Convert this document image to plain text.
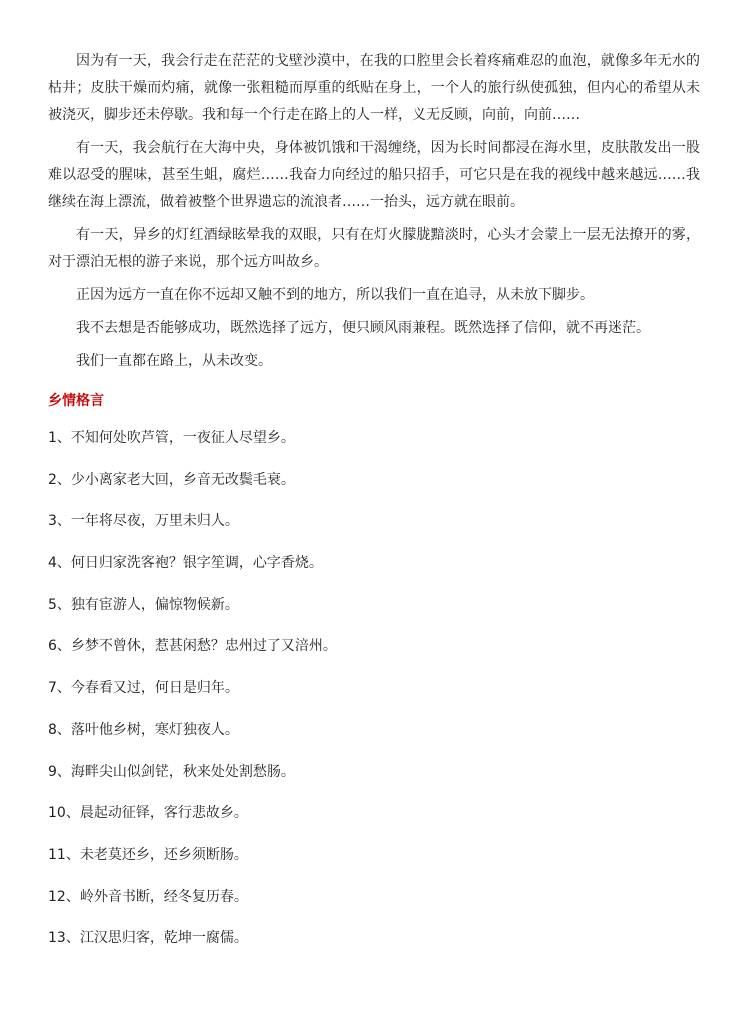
因为有一天，我会行走在茫茫的戈壁沙漠中，在我的口腔里会长着疼痛难忍的血泡，就像多年无水的枯井；皮肤干燥而灼痛，就像一张粗糙而厚重的纸贴在身上，一个人的旅行纵使孤独，但内心的希望从未被浇灭，脚步还未停歇。我和每一个行走在路上的人一样，义无反顾，向前，向前……

有一天，我会航行在大海中央，身体被饥饿和干渴缠绕，因为长时间都浸在海水里，皮肤散发出一股难以忍受的腥味，甚至生蛆，腐烂……我奋力向经过的船只招手，可它只是在我的视线中越来越远……我继续在海上漂流，做着被整个世界遗忘的流浪者……一抬头，远方就在眼前。

有一天，异乡的灯红酒绿眩晕我的双眼，只有在灯火朦胧黯淡时，心头才会蒙上一层无法撩开的雾，对于漂泊无根的游子来说，那个远方叫故乡。

正因为远方一直在你不远却又触不到的地方，所以我们一直在追寻，从未放下脚步。

我不去想是否能够成功，既然选择了远方，便只顾风雨兼程。既然选择了信仰，就不再迷茫。

我们一直都在路上，从未改变。

乡情格言
1、不知何处吹芦管，一夜征人尽望乡。
2、少小离家老大回，乡音无改鬓毛衰。
3、一年将尽夜，万里未归人。
4、何日归家洗客袍？银字笙调，心字香烧。
5、独有宦游人，偏惊物候新。
6、乡梦不曾休，惹甚闲愁？忠州过了又涪州。
7、今春看又过，何日是归年。
8、落叶他乡树，寒灯独夜人。
9、海畔尖山似剑铓，秋来处处割愁肠。
10、晨起动征铎，客行悲故乡。
11、未老莫还乡，还乡须断肠。
12、岭外音书断，经冬复历春。
13、江汉思归客，乾坤一腐儒。
